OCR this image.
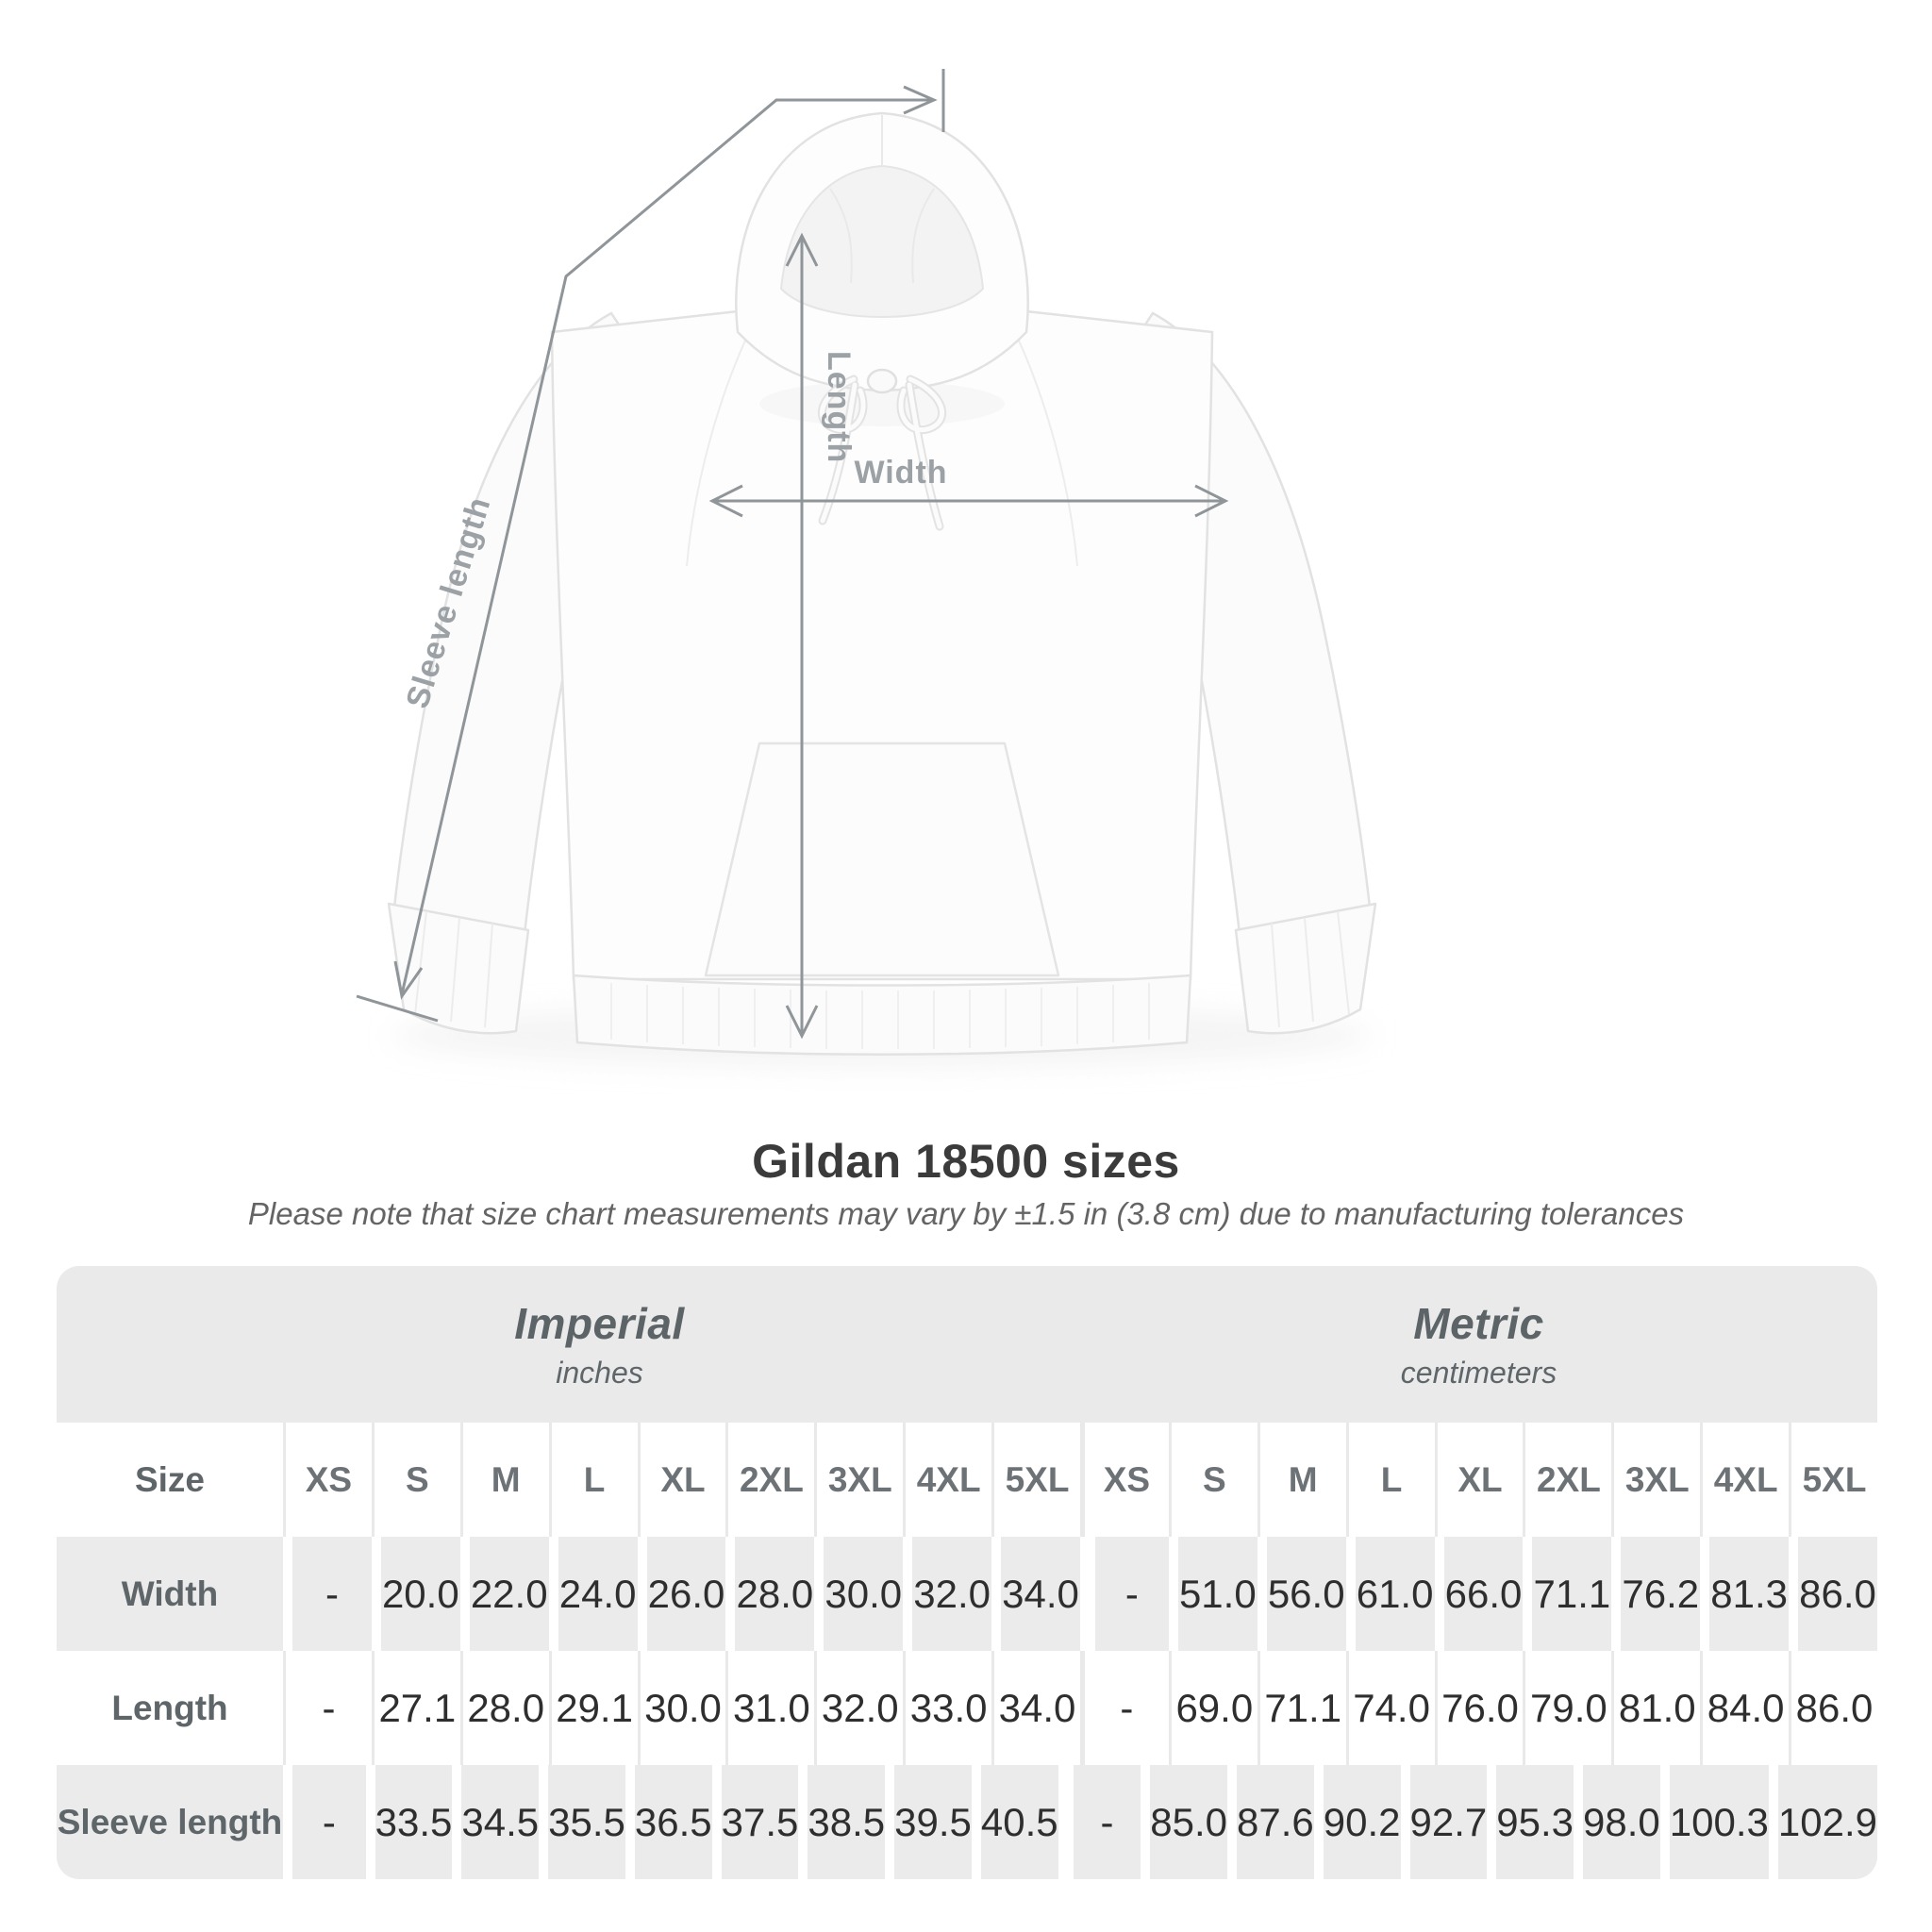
Length
Width
Sleeve length
Gildan 18500 sizes
Please note that size chart measurements may vary by ±1.5 in (3.8 cm) due to manufacturing tolerances
Imperial
inches
Metric
centimeters
Size	XS	S	M	L	XL 2XL 3XL 4XL 5XL XS	S	M	L	XL 2XL 3XL 4XL 5XL
Width	-	20.0 22.0 24.0 26.0 28.0 30.0 32.0 34.0	-	51.0 56.0 61.0 66.0 71.1 76.2 81.3 86.0
Length	-	27.1 28.0 29.1 30.0 31.0 32.0 33.0 34.0	-	69.0 71.1 74.0 76.0 79.0 81.0 84.0 86.0
Sleeve length	- 33.5 34.5 35.5 36.5 37.5 38.5 39.5 40.5	- 85.0 87.6 90.2 92.7 95.3 98.0 100.3 102.9
